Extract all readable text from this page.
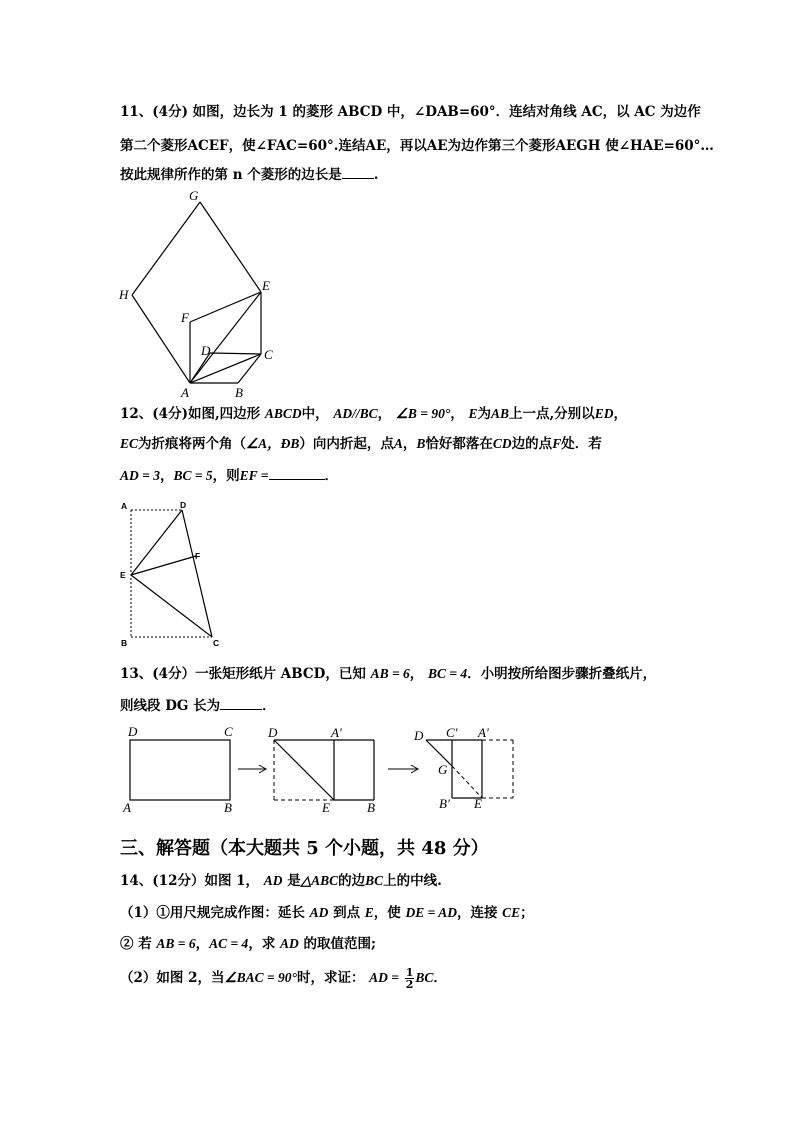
11、(4分) 如图，边长为 1 的菱形 ABCD 中，∠DAB=60°．连结对角线 AC，以 AC 为边作
第二个菱形ACEF，使∠FAC=60°.连结AE，再以AE为边作第三个菱形AEGH 使∠HAE=60°…
按此规律所作的第 n 个菱形的边长是 .
G
H
E
F
D	C
A	B
12、(4分)如图,四边形 ABCD中， AD//BC， ∠B = 90°， E为AB上一点,分别以ED，
EC为折痕将两个角（∠A，ÐB）向内折起，点A，B恰好都落在CD边的点F处．若
AD = 3，BC = 5，则EF =	．
A	D
F
E
B	C
13、(4分）一张矩形纸片 ABCD，已知 AB = 6， BC = 4．小明按所给图步骤折叠纸片，
则线段 DG 长为	．
D	C
A	B
D	A′
E	B
D C′ A′
G
B′ E
三、解答题（本大题共 5 个小题，共 48 分）
14、(12分）如图 1， AD 是△ABC的边BC上的中线.
（1）①用尺规完成作图：延长 AD 到点 E，使 DE = AD，连接 CE；
② 若 AB = 6，AC = 4，求 AD 的取值范围;
（2）如图 2，当∠BAC = 90°时，求证： AD = $\frac{1}{2}$ BC．
